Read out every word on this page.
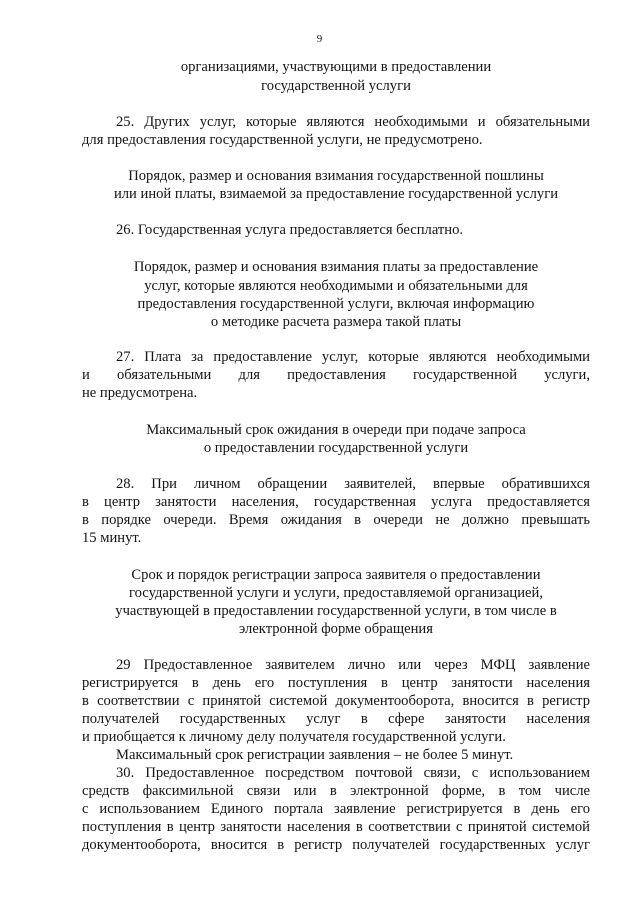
9

организациями, участвующими в предоставлении

государственной услуги

25. Других услуг, которые являются необходимыми и обязательными

для предоставления государственной услуги, не предусмотрено.

Порядок, размер и основания взимания государственной пошлины

или иной платы, взимаемой за предоставление государственной услуги

26. Государственная услуга предоставляется бесплатно.

Порядок, размер и основания взимания платы за предоставление

услуг, которые являются необходимыми и обязательными для

предоставления государственной услуги, включая информацию

о методике расчета размера такой платы

27. Плата за предоставление услуг, которые являются необходимыми

и обязательными для предоставления государственной услуги,

не предусмотрена.

Максимальный срок ожидания в очереди при подаче запроса

о предоставлении государственной услуги

28. При личном обращении заявителей, впервые обратившихся

в центр занятости населения, государственная услуга предоставляется

в порядке очереди. Время ожидания в очереди не должно превышать

15 минут.

Срок и порядок регистрации запроса заявителя о предоставлении

государственной услуги и услуги, предоставляемой организацией,

участвующей в предоставлении государственной услуги, в том числе в

электронной форме обращения

29 Предоставленное заявителем лично или через МФЦ заявление

регистрируется в день его поступления в центр занятости населения

в соответствии с принятой системой документооборота, вносится в регистр

получателей государственных услуг в сфере занятости населения

и приобщается к личному делу получателя государственной услуги.

Максимальный срок регистрации заявления – не более 5 минут.

30. Предоставленное посредством почтовой связи, с использованием

средств факсимильной связи или в электронной форме, в том числе

с использованием Единого портала заявление регистрируется в день его

поступления в центр занятости населения в соответствии с принятой системой

документооборота, вносится в регистр получателей государственных услуг
